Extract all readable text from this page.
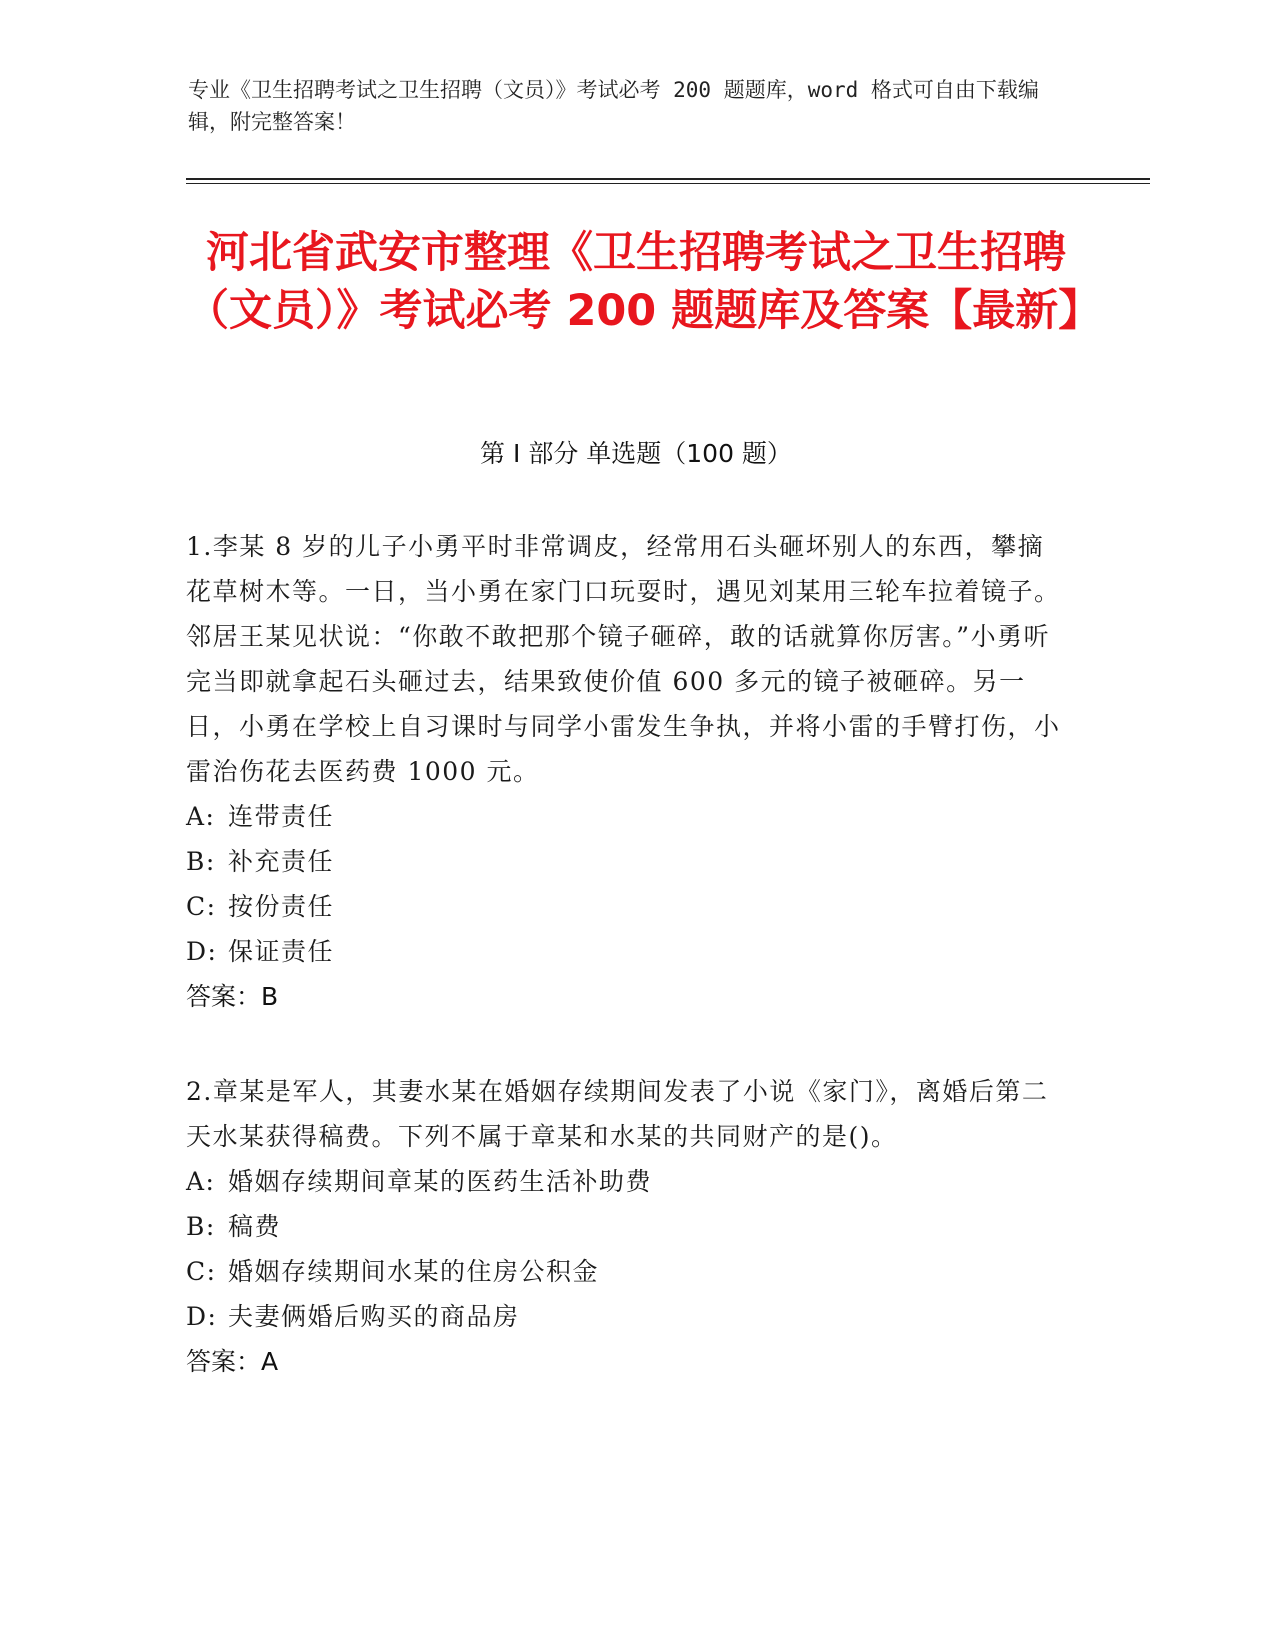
专业《卫生招聘考试之卫生招聘（文员）》考试必考 200 题题库，word 格式可自由下载编辑，附完整答案！
河北省武安市整理《卫生招聘考试之卫生招聘（文员）》考试必考 200 题题库及答案【最新】
第 I 部分 单选题（100 题）

1.李某 8 岁的儿子小勇平时非常调皮，经常用石头砸坏别人的东西，攀摘花草树木等。一日，当小勇在家门口玩耍时，遇见刘某用三轮车拉着镜子。邻居王某见状说：“你敢不敢把那个镜子砸碎，敢的话就算你厉害。”小勇听完当即就拿起石头砸过去，结果致使价值 600 多元的镜子被砸碎。另一日，小勇在学校上自习课时与同学小雷发生争执，并将小雷的手臂打伤，小雷治伤花去医药费 1000 元。

A: 连带责任

B: 补充责任

C: 按份责任

D: 保证责任

答案：B

2.章某是军人，其妻水某在婚姻存续期间发表了小说《家门》，离婚后第二天水某获得稿费。下列不属于章某和水某的共同财产的是()。

A: 婚姻存续期间章某的医药生活补助费

B: 稿费

C: 婚姻存续期间水某的住房公积金

D: 夫妻俩婚后购买的商品房

答案：A
